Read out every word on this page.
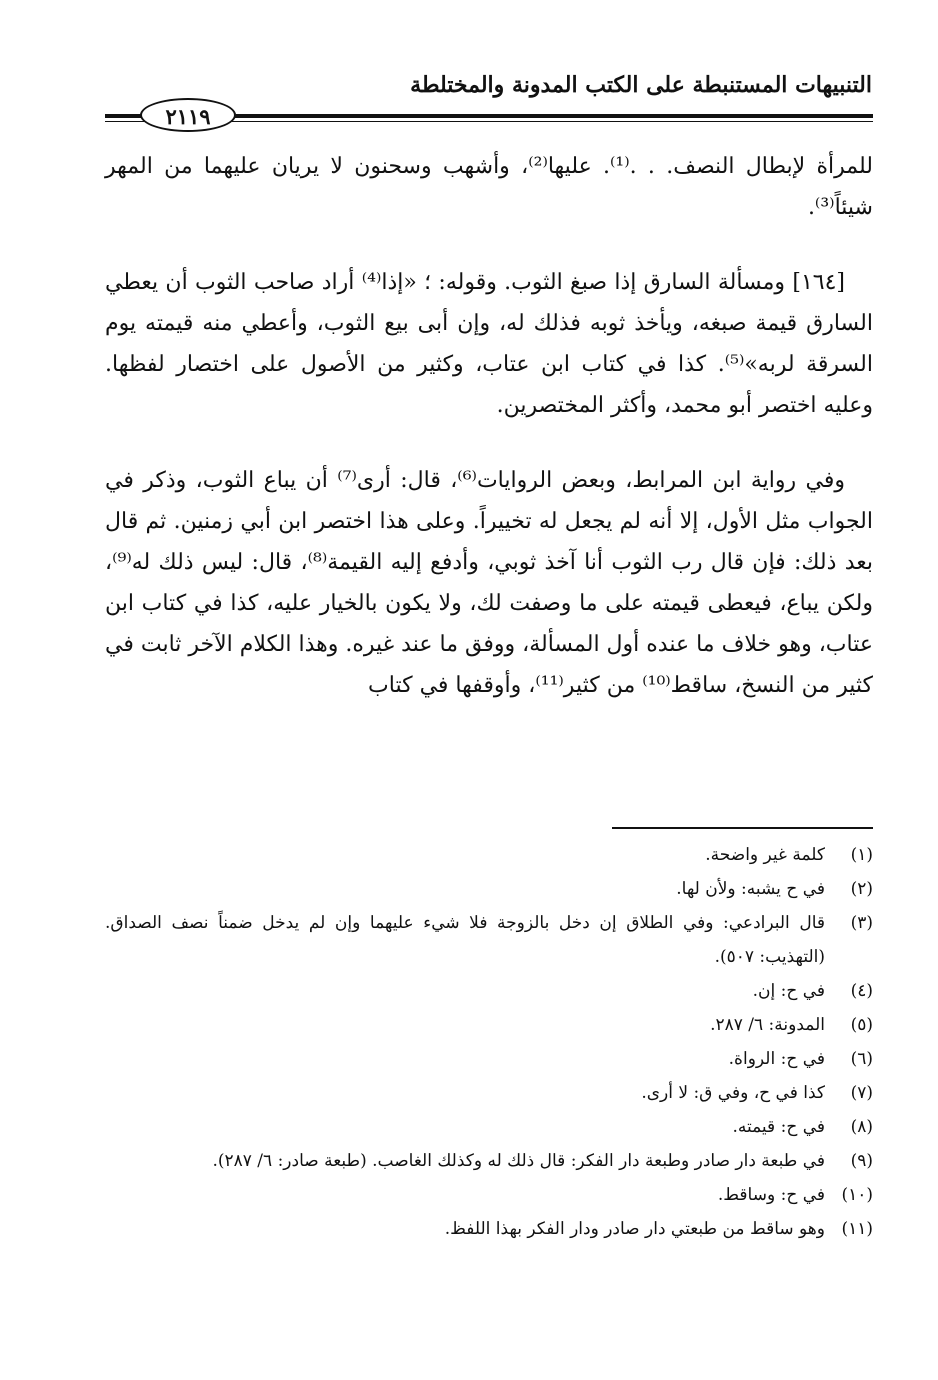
التنبيهات المستنبطة على الكتب المدونة والمختلطة
٢١١٩

للمرأة لإبطال النصف. . .⁽¹⁾. عليها⁽²⁾، وأشهب وسحنون لا يريان عليهما من المهر شيئاً⁽³⁾.

[١٦٤] ومسألة السارق إذا صبغ الثوب. وقوله: ؛ «إذا⁽⁴⁾ أراد صاحب الثوب أن يعطي السارق قيمة صبغه، ويأخذ ثوبه فذلك له، وإن أبى بيع الثوب، وأعطي منه قيمته يوم السرقة لربه»⁽⁵⁾. كذا في كتاب ابن عتاب، وكثير من الأصول على اختصار لفظها. وعليه اختصر أبو محمد، وأكثر المختصرين.

وفي رواية ابن المرابط، وبعض الروايات⁽⁶⁾، قال: أرى⁽⁷⁾ أن يباع الثوب، وذكر في الجواب مثل الأول، إلا أنه لم يجعل له تخييراً. وعلى هذا اختصر ابن أبي زمنين. ثم قال بعد ذلك: فإن قال رب الثوب أنا آخذ ثوبي، وأدفع إليه القيمة⁽⁸⁾، قال: ليس ذلك له⁽⁹⁾، ولكن يباع، فيعطى قيمته على ما وصفت لك، ولا يكون بالخيار عليه، كذا في كتاب ابن عتاب، وهو خلاف ما عنده أول المسألة، ووفق ما عند غيره. وهذا الكلام الآخر ثابت في كثير من النسخ، ساقط⁽¹⁰⁾ من كثير⁽¹¹⁾، وأوقفها في كتاب

(١)
كلمة غير واضحة.
(٢)
في ح يشبه: ولأن لها.
(٣)
قال البرادعي: وفي الطلاق إن دخل بالزوجة فلا شيء عليهما وإن لم يدخل ضمناً نصف الصداق. (التهذيب: ٥٠٧).
(٤)
في ح: إن.
(٥)
المدونة: ٦/ ٢٨٧.
(٦)
في ح: الرواة.
(٧)
كذا في ح، وفي ق: لا أرى.
(٨)
في ح: قيمته.
(٩)
في طبعة دار صادر وطبعة دار الفكر: قال ذلك له وكذلك الغاصب. (طبعة صادر: ٦/ ٢٨٧).
(١٠)
في ح: وساقط.
(١١)
وهو ساقط من طبعتي دار صادر ودار الفكر بهذا اللفظ.
